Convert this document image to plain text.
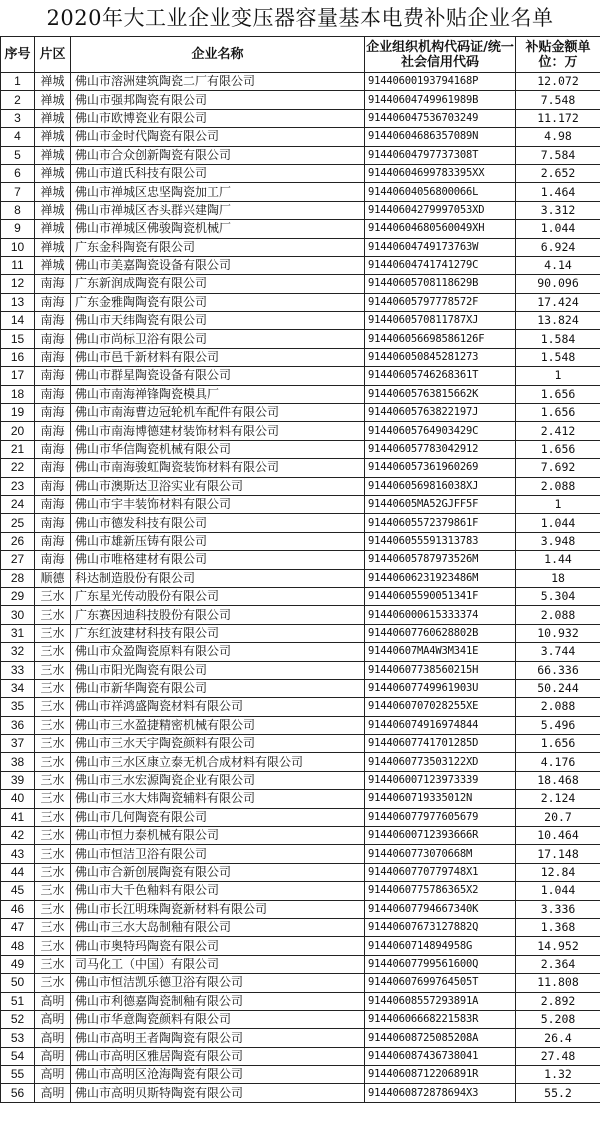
2020年大工业企业变压器容量基本电费补贴企业名单
序号	片区	企业名称	企业组织机构代码证/统一社会信用代码	补贴金额单位：万
1	禅城	佛山市溶洲建筑陶瓷二厂有限公司	91440600193794168P	12.072
2	禅城	佛山市强邦陶瓷有限公司	91440604749961989B	7.548
3	禅城	佛山市欧博瓷业有限公司	914406047536703249	11.172
4	禅城	佛山市金时代陶瓷有限公司	91440604686357089N	4.98
5	禅城	佛山市合众创新陶瓷有限公司	91440604797737308T	7.584
6	禅城	佛山市道氏科技有限公司	91440604699783395XX	2.652
7	禅城	佛山市禅城区忠坚陶瓷加工厂	91440604056800066L	1.464
8	禅城	佛山市禅城区杏头群兴建陶厂	91440604279997053XD	3.312
9	禅城	佛山市禅城区佛骏陶瓷机械厂	91440604680560049XH	1.044
10	禅城	广东金科陶瓷有限公司	91440604749173763W	6.924
11	禅城	佛山市美嘉陶瓷设备有限公司	91440604741741279C	4.14
12	南海	广东新润成陶瓷有限公司	91440605708118629B	90.096
13	南海	广东金雅陶陶瓷有限公司	91440605797778572F	17.424
14	南海	佛山市天纬陶瓷有限公司	9144060570811787XJ	13.824
15	南海	佛山市尚标卫浴有限公司	914406056698586126F	1.584
16	南海	佛山市邑千新材料有限公司	914406050845281273	1.548
17	南海	佛山市群星陶瓷设备有限公司	91440605746268361T	1
18	南海	佛山市南海禅锋陶瓷模具厂	91440605763815662K	1.656
19	南海	佛山市南海曹边冠轮机车配件有限公司	91440605763822197J	1.656
20	南海	佛山市南海博德建材装饰材料有限公司	91440605764903429C	2.412
21	南海	佛山市华信陶瓷机械有限公司	914406057783042912	1.656
22	南海	佛山市南海骏虹陶瓷装饰材料有限公司	914406057361960269	7.692
23	南海	佛山市澳斯达卫浴实业有限公司	9144060569816038XJ	2.088
24	南海	佛山市宇丰装饰材料有限公司	91440605MA52GJFF5F	1
25	南海	佛山市德发科技有限公司	91440605572379861F	1.044
26	南海	佛山市雄新压铸有限公司	914406055591313783	3.948
27	南海	佛山市唯格建材有限公司	91440605787973526M	1.44
28	顺德	科达制造股份有限公司	91440606231923486M	18
29	三水	广东星光传动股份有限公司	91440605590051341F	5.304
30	三水	广东赛因迪科技股份有限公司	914406000615333374	2.088
31	三水	广东红波建材科技有限公司	91440607760628802B	10.932
32	三水	佛山市众盈陶瓷原料有限公司	91440607MA4W3M341E	3.744
33	三水	佛山市阳光陶瓷有限公司	91440607738560215H	66.336
34	三水	佛山市新华陶瓷有限公司	91440607749961903U	50.244
35	三水	佛山市祥鸿盛陶瓷材料有限公司	9144060707028255XE	2.088
36	三水	佛山市三水盈捷精密机械有限公司	914406074916974844	5.496
37	三水	佛山市三水天宇陶瓷颜料有限公司	91440607741701285D	1.656
38	三水	佛山市三水区康立泰无机合成材料有限公司	9144060773503122XD	4.176
39	三水	佛山市三水宏源陶瓷企业有限公司	914406007123973339	18.468
40	三水	佛山市三水大炜陶瓷辅料有限公司	9144060719335012N	2.124
41	三水	佛山市几何陶瓷有限公司	914406077977605679	20.7
42	三水	佛山市恒力泰机械有限公司	91440600712393666R	10.464
43	三水	佛山市恒洁卫浴有限公司	9144060773070668M	17.148
44	三水	佛山市合新创展陶瓷有限公司	9144060770779748X1	12.84
45	三水	佛山市大千色釉料有限公司	9144060775786365X2	1.044
46	三水	佛山市长江明珠陶瓷新材料有限公司	91440607794667340K	3.336
47	三水	佛山市三水大岛制釉有限公司	91440607673127882Q	1.368
48	三水	佛山市奥特玛陶瓷有限公司	9144060714894958G	14.952
49	三水	司马化工（中国）有限公司	91440607799561600Q	2.364
50	三水	佛山市恒洁凯乐德卫浴有限公司	91440607699764505T	11.808
51	高明	佛山市利德嘉陶瓷制釉有限公司	91440608557293891A	2.892
52	高明	佛山市华意陶瓷颜料有限公司	91440606668221583R	5.208
53	高明	佛山市高明王者陶陶瓷有限公司	91440608725085208A	26.4
54	高明	佛山市高明区雅居陶瓷有限公司	914406087436738041	27.48
55	高明	佛山市高明区沧海陶瓷有限公司	91440608712206891R	1.32
56	高明	佛山市高明贝斯特陶瓷有限公司	9144060872878694X3	55.2
